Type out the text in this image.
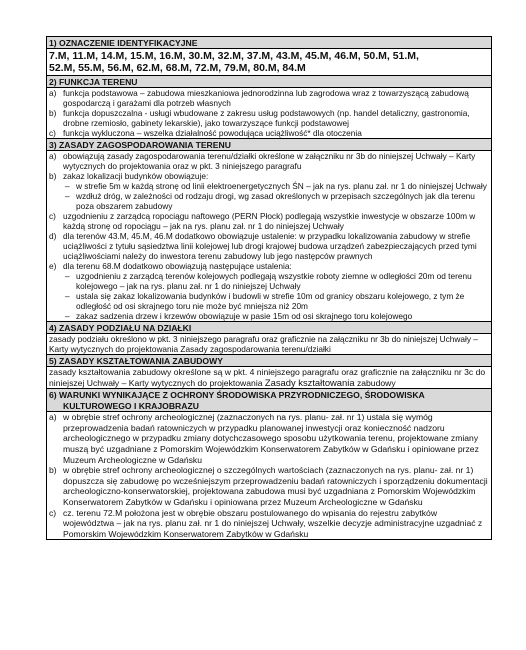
1) OZNACZENIE IDENTYFIKACYJNE

7.M, 11.M, 14.M, 15.M, 16.M, 30.M, 32.M, 37.M, 43.M, 45.M, 46.M, 50.M, 51.M,
52.M, 55.M, 56.M, 62.M, 68.M, 72.M, 79.M, 80.M, 84.M

2) FUNKCJA TERENU

a) funkcja podstawowa – zabudowa mieszkaniowa jednorodzinna lub zagrodowa wraz z towarzyszącą zabudową gospodarczą i garażami dla potrzeb własnych
b) funkcja dopuszczalna - usługi wbudowane z zakresu usług podstawowych (np. handel detaliczny, gastronomia, drobne rzemiosło, gabinety lekarskie), jako towarzyszące funkcji podstawowej
c) funkcja wykluczona – wszelka działalność powodująca uciążliwość* dla otoczenia

3) ZASADY ZAGOSPODAROWANIA TERENU

a) obowiązują zasady zagospodarowania terenu/działki określone w załączniku nr 3b do niniejszej Uchwały – Karty wytycznych do projektowania oraz w pkt. 3 niniejszego paragrafu
b) zakaz lokalizacji budynków obowiązuje:
– w strefie 5m w każdą stronę od linii elektroenergetycznych ŚN – jak na rys. planu zał. nr 1 do niniejszej Uchwały
– wzdłuż dróg, w zależności od rodzaju drogi, wg zasad określonych w przepisach szczególnych jak dla terenu poza obszarem zabudowy
c) uzgodnieniu z zarządcą ropociągu naftowego (PERN Płock) podlegają wszystkie inwestycje w obszarze 100m w każdą stronę od ropociągu – jak na rys. planu zał. nr 1 do niniejszej Uchwały
d) dla terenów 43.M, 45.M, 46.M dodatkowo obowiązuje ustalenie: w przypadku lokalizowania zabudowy w strefie uciążliwości z tytułu sąsiedztwa linii kolejowej lub drogi krajowej budowa urządzeń zabezpieczających przed tymi uciążliwościami należy do inwestora terenu zabudowy lub jego następców prawnych
e) dla terenu 68.M dodatkowo obowiązują następujące ustalenia:
– uzgodnieniu z zarządcą terenów kolejowych podlegają wszystkie roboty ziemne w odległości 20m od terenu kolejowego – jak na rys. planu zał. nr 1 do niniejszej Uchwały
– ustala się zakaz lokalizowania budynków i budowli w strefie 10m od granicy obszaru kolejowego, z tym że odległość od osi skrajnego toru nie może być mniejsza niż 20m
– zakaz sadzenia drzew i krzewów obowiązuje w pasie 15m od osi skrajnego toru kolejowego

4) ZASADY PODZIAŁU NA DZIAŁKI
zasady podziału określono w pkt. 3 niniejszego paragrafu oraz graficznie na załączniku nr 3b do niniejszej Uchwały – Karty wytycznych do projektowania Zasady zagospodarowania terenu/działki
5) ZASADY KSZTAŁTOWANIA ZABUDOWY
zasady kształtowania zabudowy określone są w pkt. 4 niniejszego paragrafu oraz graficznie na załączniku nr 3c do niniejszej Uchwały – Karty wytycznych do projektowania Zasady kształtowania zabudowy

6) WARUNKI WYNIKAJĄCE Z OCHRONY ŚRODOWISKA PRZYRODNICZEGO, ŚRODOWISKA
KULTUROWEGO I KRAJOBRAZU

a) w obrębie stref ochrony archeologicznej (zaznaczonych na rys. planu- zał. nr 1) ustala się wymóg przeprowadzenia badań ratowniczych w przypadku planowanej inwestycji oraz konieczność nadzoru archeologicznego w przypadku zmiany dotychczasowego sposobu użytkowania terenu, projektowane zmiany muszą być uzgadniane z Pomorskim Wojewódzkim Konserwatorem Zabytków w Gdańsku i opiniowane przez Muzeum Archeologiczne w Gdańsku
b) w obrębie stref ochrony archeologicznej o szczególnych wartościach (zaznaczonych na rys. planu- zał. nr 1) dopuszcza się zabudowę po wcześniejszym przeprowadzeniu badań ratowniczych i sporządzeniu dokumentacji archeologiczno-konserwatorskiej, projektowana zabudowa musi być uzgadniana z Pomorskim Wojewódzkim Konserwatorem Zabytków w Gdańsku i opiniowana przez Muzeum Archeologiczne w Gdańsku
c) cz. terenu 72.M położona jest w obrębie obszaru postulowanego do wpisania do rejestru zabytków województwa – jak na rys. planu zał. nr 1 do niniejszej Uchwały, wszelkie decyzje administracyjne uzgadniać z Pomorskim Wojewódzkim Konserwatorem Zabytków w Gdańsku
